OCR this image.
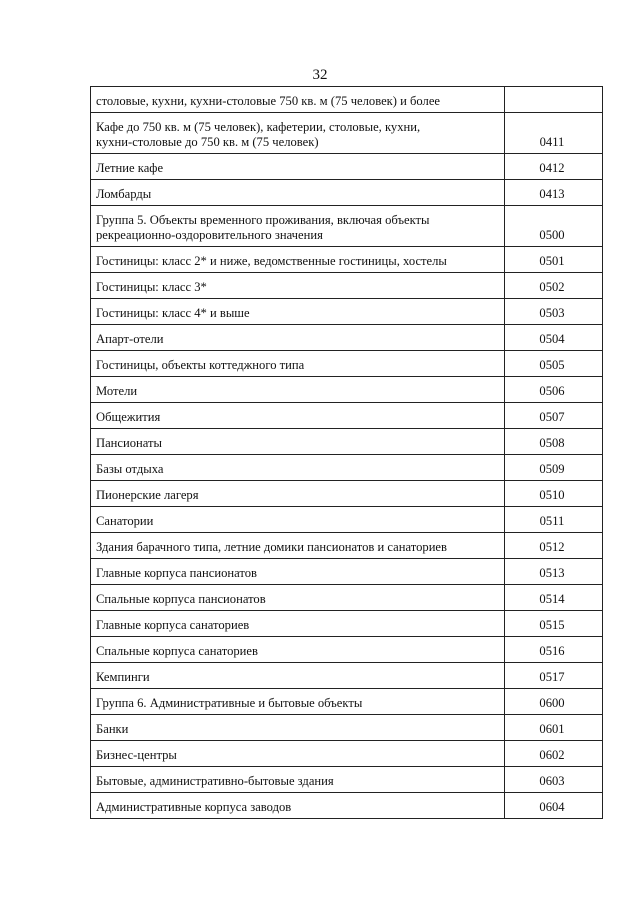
32
столовые, кухни, кухни-столовые 750 кв. м (75 человек) и более	

Кафе до 750 кв. м (75 человек), кафетерии, столовые, кухни,
кухни-столовые до 750 кв. м (75 человек)	0411

Летние кафе	0412

Ломбарды	0413

Группа 5. Объекты временного проживания, включая объекты
рекреационно-оздоровительного значения	0500

Гостиницы: класс 2* и ниже, ведомственные гостиницы, хостелы	0501

Гостиницы: класс 3*	0502

Гостиницы: класс 4* и выше	0503

Апарт-отели	0504

Гостиницы, объекты коттеджного типа	0505

Мотели	0506

Общежития	0507

Пансионаты	0508

Базы отдыха	0509

Пионерские лагеря	0510

Санатории	0511

Здания барачного типа, летние домики пансионатов и санаториев	0512

Главные корпуса пансионатов	0513

Спальные корпуса пансионатов	0514

Главные корпуса санаториев	0515

Спальные корпуса санаториев	0516

Кемпинги	0517

Группа 6. Административные и бытовые объекты	0600

Банки	0601

Бизнес-центры	0602

Бытовые, административно-бытовые здания	0603

Административные корпуса заводов	0604
